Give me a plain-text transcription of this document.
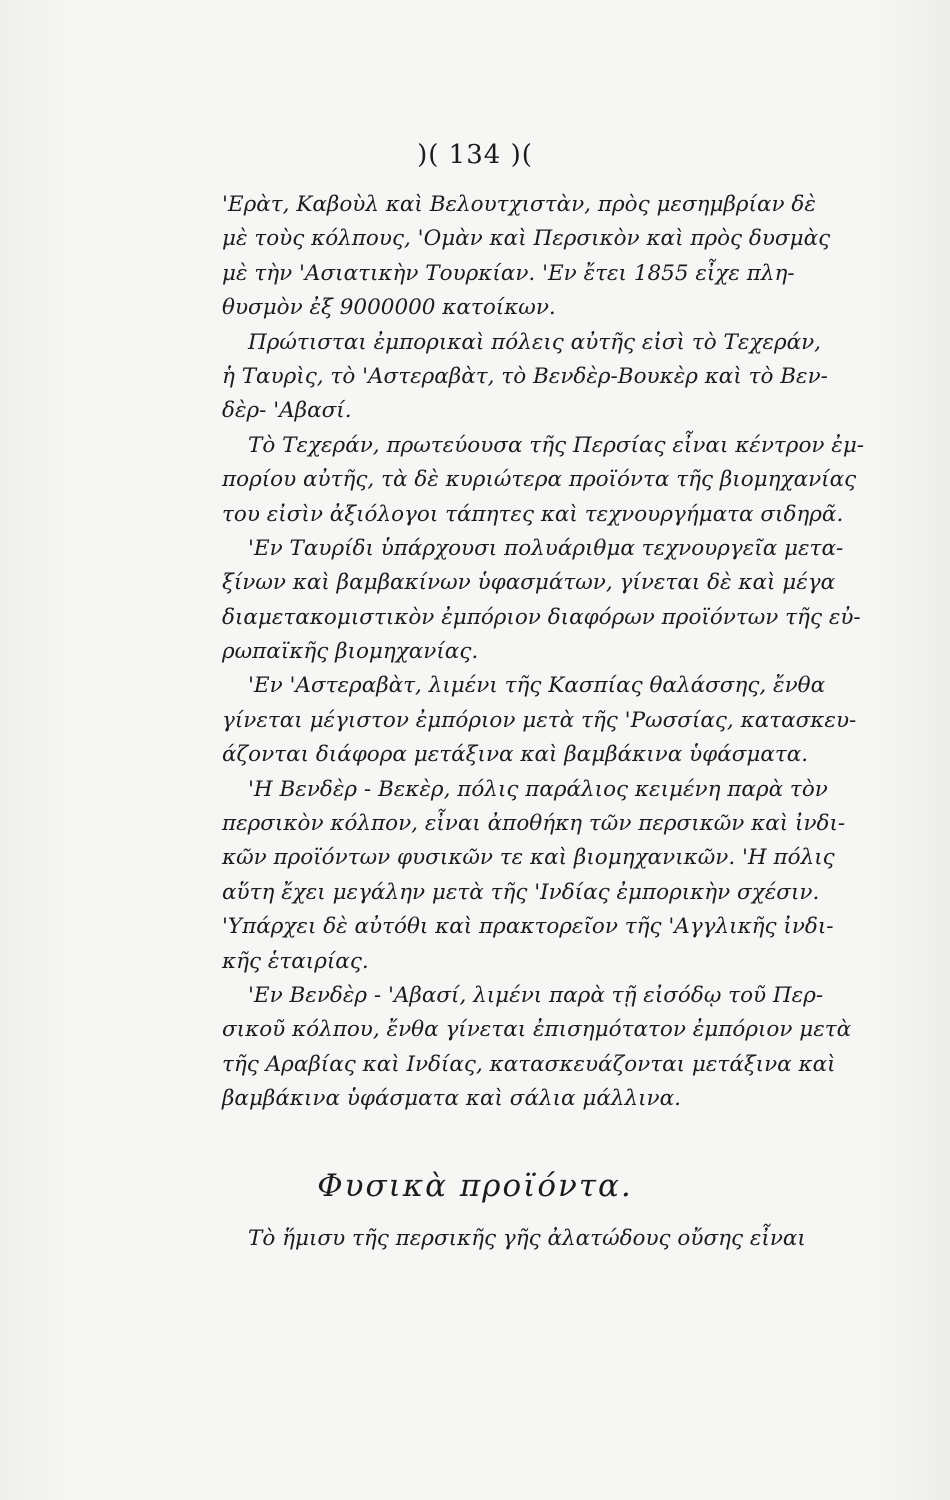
)( 134 )(
'Ερὰτ, Καβοὺλ καὶ Βελουτχιστὰν, πρὸς μεσημβρίαν δὲ
μὲ τοὺς κόλπους, 'Ομὰν καὶ Περσικὸν καὶ πρὸς δυσμὰς
μὲ τὴν 'Ασιατικὴν Τουρκίαν. 'Εν ἔτει 1855 εἶχε πλη-
θυσμὸν ἐξ 9000000 κατοίκων.
Πρώτισται ἐμπορικαὶ πόλεις αὐτῆς εἰσὶ τὸ Τεχεράν,
ἡ Ταυρὶς, τὸ 'Αστεραβὰτ, τὸ Βενδὲρ-Βουκὲρ καὶ τὸ Βεν-
δὲρ- 'Αβασί.
Τὸ Τεχεράν, πρωτεύουσα τῆς Περσίας εἶναι κέντρον ἐμ-
πορίου αὐτῆς, τὰ δὲ κυριώτερα προϊόντα τῆς βιομηχανίας
του εἰσὶν ἀξιόλογοι τάπητες καὶ τεχνουργήματα σιδηρᾶ.
'Εν Ταυρίδι ὑπάρχουσι πολυάριθμα τεχνουργεῖα μετα-
ξίνων καὶ βαμβακίνων ὑφασμάτων, γίνεται δὲ καὶ μέγα
διαμετακομιστικὸν ἐμπόριον διαφόρων προϊόντων τῆς εὐ-
ρωπαϊκῆς βιομηχανίας.
'Εν 'Αστεραβὰτ, λιμένι τῆς Κασπίας θαλάσσης, ἔνθα
γίνεται μέγιστον ἐμπόριον μετὰ τῆς 'Ρωσσίας, κατασκευ-
άζονται διάφορα μετάξινα καὶ βαμβάκινα ὑφάσματα.
'Η Βενδὲρ - Βεκὲρ, πόλις παράλιος κειμένη παρὰ τὸν
περσικὸν κόλπον, εἶναι ἀποθήκη τῶν περσικῶν καὶ ἰνδι-
κῶν προϊόντων φυσικῶν τε καὶ βιομηχανικῶν. 'Η πόλις
αὕτη ἔχει μεγάλην μετὰ τῆς 'Ινδίας ἐμπορικὴν σχέσιν.
'Υπάρχει δὲ αὐτόθι καὶ πρακτορεῖον τῆς 'Αγγλικῆς ἰνδι-
κῆς ἑταιρίας.
'Εν Βενδὲρ - 'Αβασί, λιμένι παρὰ τῇ εἰσόδῳ τοῦ Περ-
σικοῦ κόλπου, ἔνθα γίνεται ἐπισημότατον ἐμπόριον μετὰ
τῆς Αραβίας καὶ Ινδίας, κατασκευάζονται μετάξινα καὶ
βαμβάκινα ὑφάσματα καὶ σάλια μάλλινα.
Φυσικὰ προϊόντα.
Τὸ ἥμισυ τῆς περσικῆς γῆς ἀλατώδους οὔσης εἶναι
